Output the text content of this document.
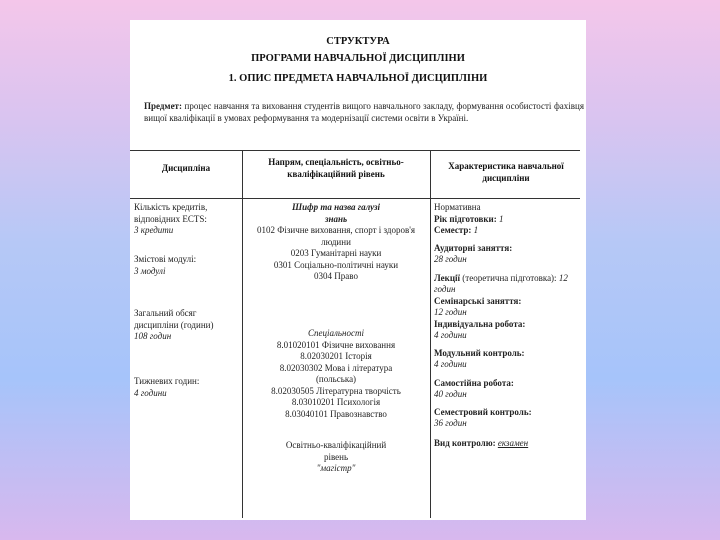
СТРУКТУРА
ПРОГРАМИ НАВЧАЛЬНОЇ ДИСЦИПЛІНИ
1. ОПИС ПРЕДМЕТА НАВЧАЛЬНОЇ ДИСЦИПЛІНИ
Предмет: процес навчання та виховання студентів вищого навчального закладу, формування особистості фахівця вищої кваліфікації в умовах реформування та модернізації системи освіти в Україні.
Дисципліна
Напрям, спеціальність, освітньо-кваліфікаційний рівень
Характеристика навчальної дисципліни
Кількість кредитів, відповідних ECTS:
3 кредити
Змістові модулі:
3 модулі
Загальний обсяг дисципліни (години)
108 годин
Тижневих годин:
4 години
Шифр та назва галузі знань
0102 Фізичне виховання, спорт і здоров'я людини
0203 Гуманітарні науки
0301 Соціально-політичні науки
0304 Право
Спеціальності
8.01020101 Фізичне виховання
8.02030201 Історія
8.02030302 Мова і література (польська)
8.02030505 Літературна творчість
8.03010201 Психологія
8.03040101 Правознавство
Освітньо-кваліфікаційний рівень
"магістр"
Нормативна
Рік підготовки: 1
Семестр: 1
Аудиторні заняття:
28 годин
Лекції (теоретична підготовка): 12 годин
Семінарські заняття:
12 годин
Індивідуальна робота:
4 години
Модульний контроль:
4 години
Самостійна робота:
40 годин
Семестровий контроль:
36 годин
Вид контролю: екзамен
